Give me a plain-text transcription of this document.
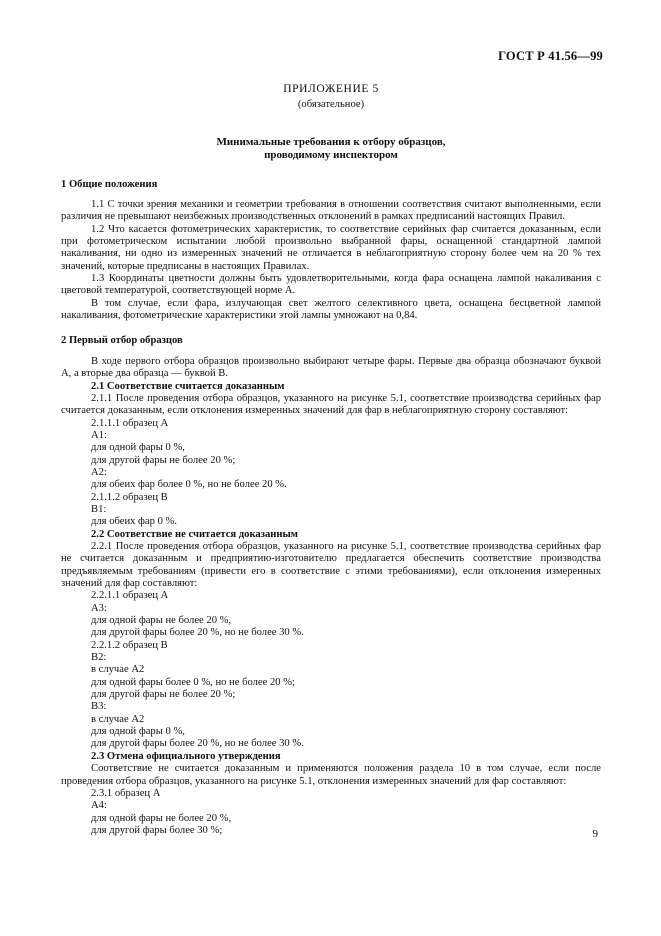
ГОСТ Р 41.56—99
ПРИЛОЖЕНИЕ 5
(обязательное)
Минимальные требования к отбору образцов,
проводимому инспектором
1 Общие положения

1.1 С точки зрения механики и геометрии требования в отношении соответствия считают выполненными, если различия не превышают неизбежных производственных отклонений в рамках предписаний настоящих Правил.

1.2 Что касается фотометрических характеристик, то соответствие серийных фар считается доказанным, если при фотометрическом испытании любой произвольно выбранной фары, оснащенной стандартной лампой накаливания, ни одно из измеренных значений не отличается в неблагоприятную сторону более чем на 20 % тех значений, которые предписаны в настоящих Правилах.

1.3 Координаты цветности должны быть удовлетворительными, когда фара оснащена лампой накаливания с цветовой температурой, соответствующей норме A.

В том случае, если фара, излучающая свет желтого селективного цвета, оснащена бесцветной лампой накаливания, фотометрические характеристики этой лампы умножают на 0,84.

2 Первый отбор образцов

В ходе первого отбора образцов произвольно выбирают четыре фары. Первые два образца обозначают буквой A, а вторые два образца — буквой B.

2.1 Соответствие считается доказанным

2.1.1 После проведения отбора образцов, указанного на рисунке 5.1, соответствие производства серийных фар считается доказанным, если отклонения измеренных значений для фар в неблагоприятную сторону составляют:

2.1.1.1 образец A

A1:

для одной фары 0 %,

для другой фары не более 20 %;

A2:

для обеих фар более 0 %, но не более 20 %.

2.1.1.2 образец B

B1:

для обеих фар 0 %.

2.2 Соответствие не считается доказанным

2.2.1 После проведения отбора образцов, указанного на рисунке 5.1, соответствие производства серийных фар не считается доказанным и предприятию-изготовителю предлагается обеспечить соответствие производства предъявляемым требованиям (привести его в соответствие с этими требованиями), если отклонения измеренных значений для фар составляют:

2.2.1.1 образец A

A3:

для одной фары не более 20 %,

для другой фары более 20 %, но не более 30 %.

2.2.1.2 образец B

B2:

в случае A2

для одной фары более 0 %, но не более 20 %;

для другой фары не более 20 %;

B3:

в случае A2

для одной фары 0 %,

для другой фары более 20 %, но не более 30 %.

2.3 Отмена официального утверждения

Соответствие не считается доказанным и применяются положения раздела 10 в том случае, если после проведения отбора образцов, указанного на рисунке 5.1, отклонения измеренных значений для фар составляют:

2.3.1 образец A

A4:

для одной фары не более 20 %,

для другой фары более 30 %;	9
